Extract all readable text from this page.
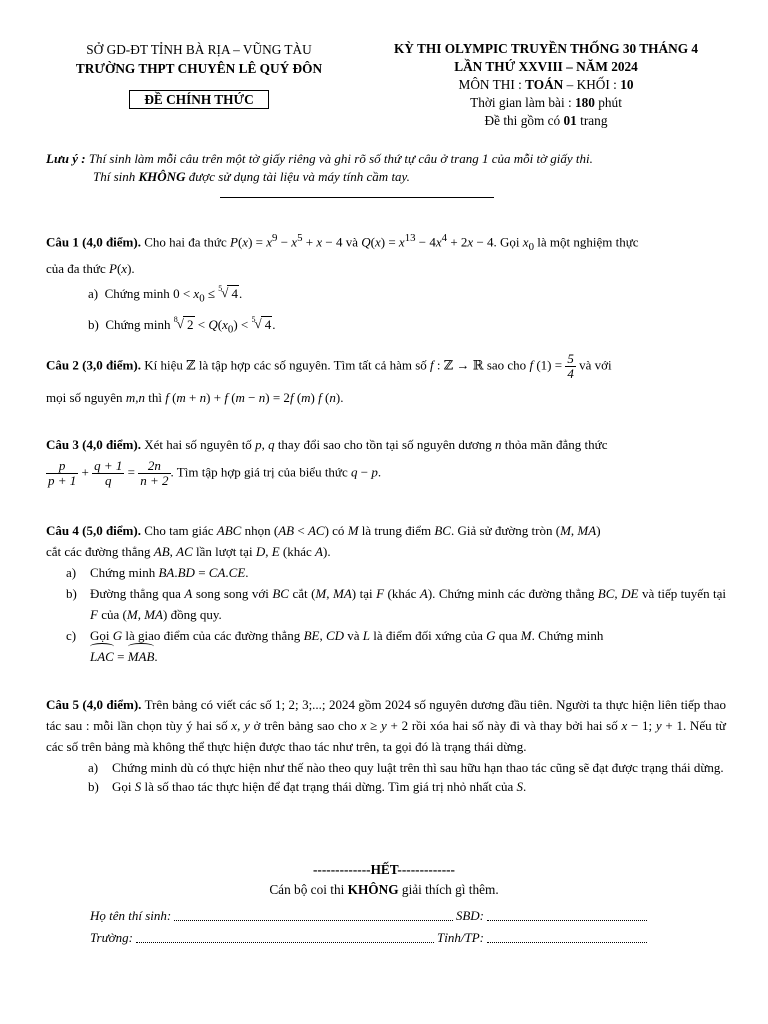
SỞ GD-ĐT TỈNH BÀ RỊA – VŨNG TÀU
TRƯỜNG THPT CHUYÊN LÊ QUÝ ĐÔN
ĐỀ CHÍNH THỨC
KỲ THI OLYMPIC TRUYỀN THỐNG 30 THÁNG 4
LẦN THỨ XXVIII – NĂM 2024
MÔN THI : TOÁN – KHỐI : 10
Thời gian làm bài : 180 phút
Đề thi gồm có 01 trang
Lưu ý : Thí sinh làm mỗi câu trên một tờ giấy riêng và ghi rõ số thứ tự câu ở trang 1 của mỗi tờ giấy thi.
Thí sinh KHÔNG được sử dụng tài liệu và máy tính cầm tay.
Câu 1 (4,0 điểm). Cho hai đa thức $P(x) = x^9 - x^5 + x - 4$ và $Q(x) = x^{13} - 4x^4 + 2x - 4$. Gọi $x_0$ là một nghiệm thực
của đa thức P(x).
a) Chứng minh $0 < x_0 \le 5$ √ 4.
b) Chứng minh 8 √ $2 < Q(x_0) < 5$ √ 4.
Câu 2 (3,0 điểm). Kí hiệu ℤ là tập hợp các số nguyên. Tìm tất cả hàm số f : ℤ → ℝ sao cho f $(1) = \frac{5}{4}$ và với
mọi số nguyên m,n thì f (m + n) + f (m − n) = 2f (m) f (n).
Câu 3 (4,0 điểm). Xét hai số nguyên tố p, q thay đổi sao cho tồn tại số nguyên dương n thỏa mãn đẳng thức
$\frac{p}{p + 1} + \frac{q + 1}{q} = \frac{2n}{n + 2}$ . Tìm tập hợp giá trị của biểu thức q − p.
Câu 4 (5,0 điểm). Cho tam giác ABC nhọn (AB < AC) có M là trung điểm BC. Giả sử đường tròn (M, MA)
cắt các đường thẳng AB, AC lần lượt tại D, E (khác A).
a)	Chứng minh BA.BD = CA.CE.
b)	Đường thẳng qua A song song với BC cắt (M, MA) tại F (khác A). Chứng minh các đường thẳng BC, DE và tiếp tuyến tại F của (M, MA) đồng quy.
c)	Gọi G là giao điểm của các đường thẳng BE, CD và L là điểm đối xứng của G qua M. Chứng minh
LAC = MAB.
Câu 5 (4,0 điểm). Trên bảng có viết các số 1; 2; 3;...; 2024 gồm 2024 số nguyên dương đầu tiên. Người ta thực hiện liên tiếp thao tác sau : mỗi lần chọn tùy ý hai số x, y ở trên bảng sao cho x ≥ y + 2 rồi xóa hai số này đi và thay bởi hai số x − 1; y + 1. Nếu từ các số trên bảng mà không thể thực hiện được thao tác như trên, ta gọi đó là trạng thái dừng.
a)	Chứng minh dù có thực hiện như thế nào theo quy luật trên thì sau hữu hạn thao tác cũng sẽ đạt được trạng thái dừng.
b)	Gọi S là số thao tác thực hiện để đạt trạng thái dừng. Tìm giá trị nhỏ nhất của S.
-------------HẾT-------------
Cán bộ coi thi KHÔNG giải thích gì thêm.
Họ tên thí sinh:	SBD:
Trường:	Tỉnh/TP:
